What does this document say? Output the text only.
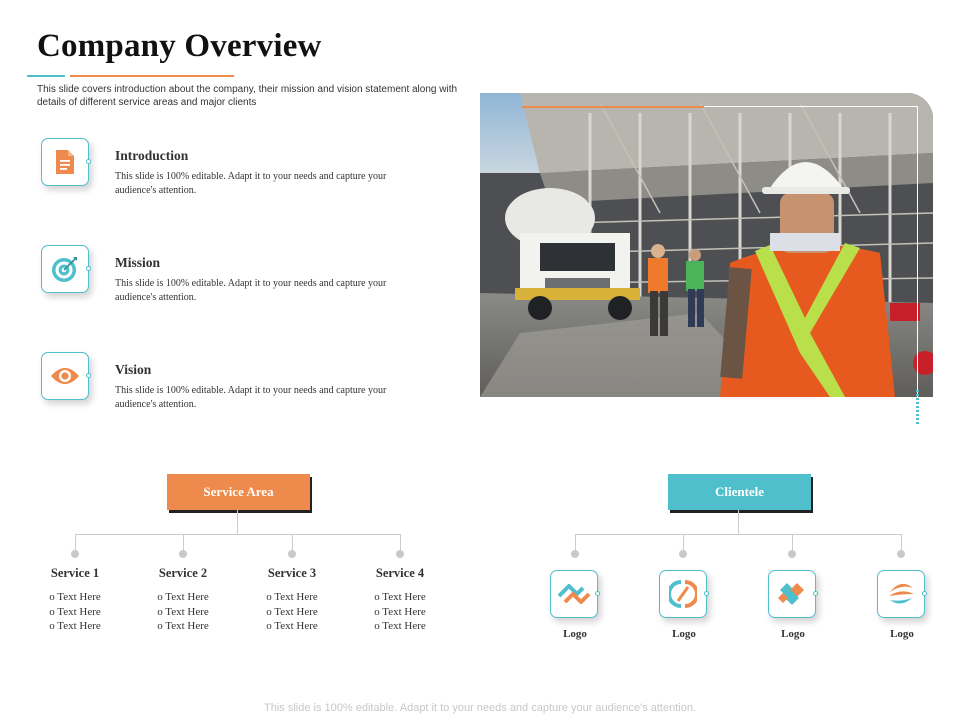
Company Overview
This slide covers introduction about the company, their mission and vision statement along with details of different service areas and major clients
Introduction
This slide is 100% editable. Adapt it to your needs and capture your audience's attention.
Mission
This slide is 100% editable. Adapt it to your needs and capture your audience's attention.
Vision
This slide is 100% editable. Adapt it to your needs and capture your audience's attention.
Service Area
Service 1
o Text Here
o Text Here
o Text Here
Service 2
o Text Here
o Text Here
o Text Here
Service 3
o Text Here
o Text Here
o Text Here
Service 4
o Text Here
o Text Here
o Text Here
Clientele
Logo	Logo	Logo	Logo
This slide is 100% editable. Adapt it to your needs and capture your audience's attention.
